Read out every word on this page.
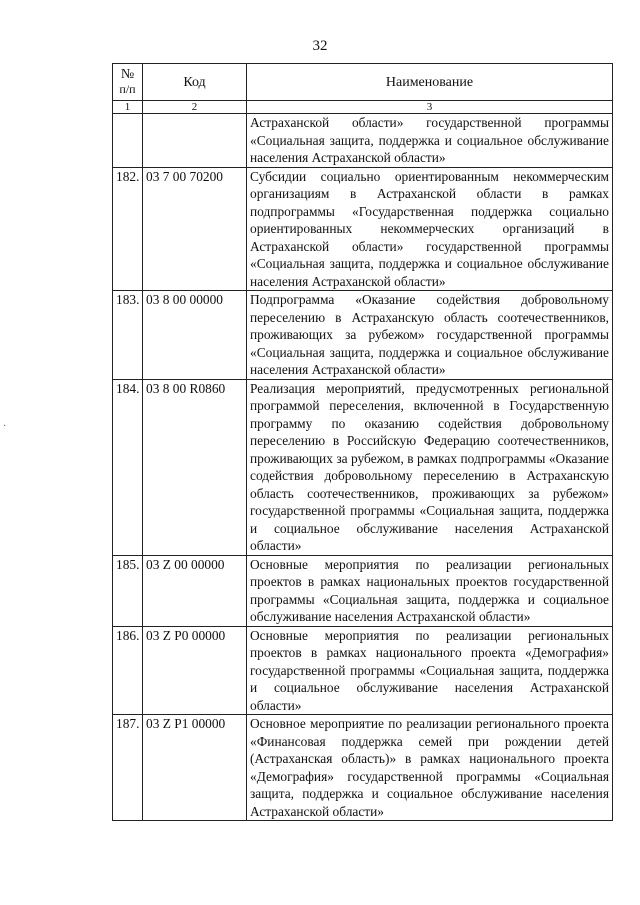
32
·
№
п/п	Код	Наименование
1	2	3
		Астраханской области» государственной программы «Социальная защита, поддержка и социальное обслуживание населения Астраханской области»
182.	03 7 00 70200	Субсидии социально ориентированным некоммерческим организациям в Астраханской области в рамках подпрограммы «Государственная поддержка социально ориентированных некоммерческих организаций в Астраханской области» государственной программы «Социальная защита, поддержка и социальное обслуживание населения Астраханской области»
183.	03 8 00 00000	Подпрограмма «Оказание содействия добровольному переселению в Астраханскую область соотечественников, проживающих за рубежом» государственной программы «Социальная защита, поддержка и социальное обслуживание населения Астраханской области»
184.	03 8 00 R0860	Реализация мероприятий, предусмотренных региональной программой переселения, включенной в Государственную программу по оказанию содействия добровольному переселению в Российскую Федерацию соотечественников, проживающих за рубежом, в рамках подпрограммы «Оказание содействия добровольному переселению в Астраханскую область соотечественников, проживающих за рубежом» государственной программы «Социальная защита, поддержка и социальное обслуживание населения Астраханской области»
185.	03 Z 00 00000	Основные мероприятия по реализации региональных проектов в рамках национальных проектов государственной программы «Социальная защита, поддержка и социальное обслуживание населения Астраханской области»
186.	03 Z P0 00000	Основные мероприятия по реализации региональных проектов в рамках национального проекта «Демография» государственной программы «Социальная защита, поддержка и социальное обслуживание населения Астраханской области»
187.	03 Z P1 00000	Основное мероприятие по реализации регионального проекта «Финансовая поддержка семей при рождении детей (Астраханская область)» в рамках национального проекта «Демография» государственной программы «Социальная защита, поддержка и социальное обслуживание населения Астраханской области»
